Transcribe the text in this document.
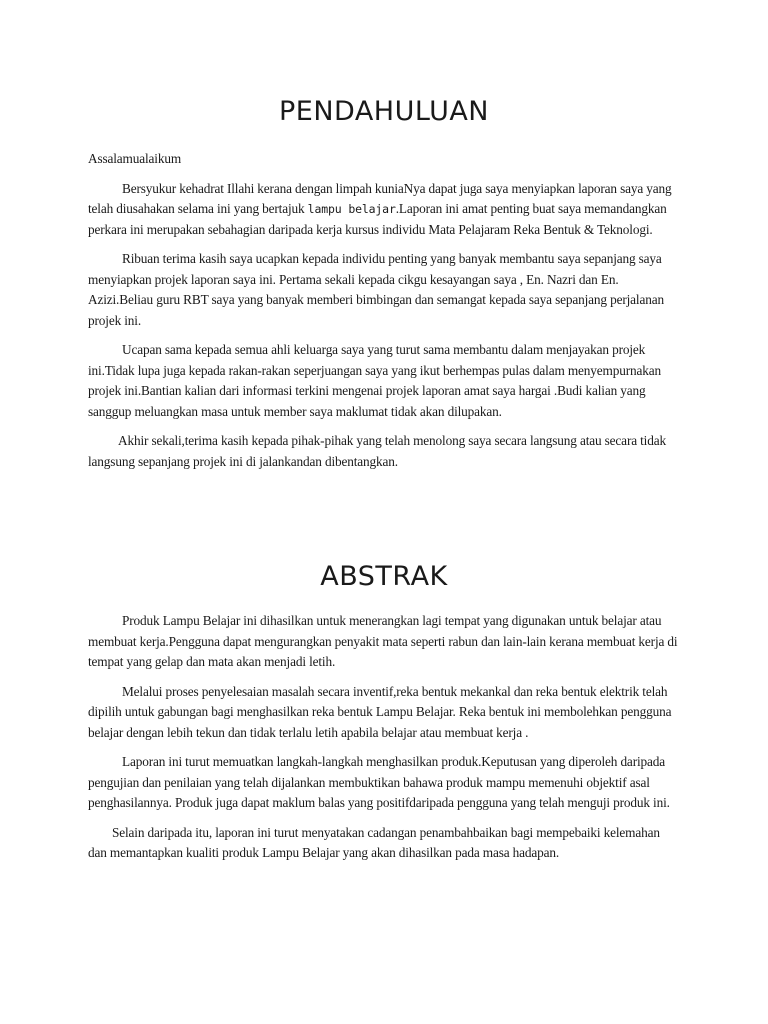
PENDAHULUAN

Assalamualaikum

Bersyukur kehadrat Illahi kerana dengan limpah kuniaNya dapat juga saya menyiapkan laporan saya yang telah diusahakan selama ini yang bertajuk lampu belajar.Laporan ini amat penting buat saya memandangkan perkara ini merupakan sebahagian daripada kerja kursus individu Mata Pelajaram Reka Bentuk & Teknologi.

Ribuan terima kasih saya ucapkan kepada individu penting yang banyak membantu saya sepanjang saya menyiapkan projek laporan saya ini. Pertama sekali kepada cikgu kesayangan saya , En. Nazri dan En. Azizi.Beliau guru RBT saya yang banyak memberi bimbingan dan semangat kepada saya sepanjang perjalanan projek ini.

Ucapan sama kepada semua ahli keluarga saya yang turut sama membantu dalam menjayakan projek ini.Tidak lupa juga kepada rakan-rakan seperjuangan saya yang ikut berhempas pulas dalam menyempurnakan projek ini.Bantian kalian dari informasi terkini mengenai projek laporan amat saya hargai .Budi kalian yang sanggup meluangkan masa untuk member saya maklumat tidak akan dilupakan.

Akhir sekali,terima kasih kepada pihak-pihak yang telah menolong saya secara langsung atau secara tidak langsung sepanjang projek ini di jalankandan dibentangkan.

ABSTRAK

Produk Lampu Belajar ini dihasilkan untuk menerangkan lagi tempat yang digunakan untuk belajar atau membuat kerja.Pengguna dapat mengurangkan penyakit mata seperti rabun dan lain-lain kerana membuat kerja di tempat yang gelap dan mata akan menjadi letih.

Melalui proses penyelesaian masalah secara inventif,reka bentuk mekankal dan reka bentuk elektrik telah dipilih untuk gabungan bagi menghasilkan reka bentuk Lampu Belajar. Reka bentuk ini membolehkan pengguna belajar dengan lebih tekun dan tidak terlalu letih apabila belajar atau membuat kerja .

Laporan ini turut memuatkan langkah-langkah menghasilkan produk.Keputusan yang diperoleh daripada pengujian dan penilaian yang telah dijalankan membuktikan bahawa produk mampu memenuhi objektif asal penghasilannya. Produk juga dapat maklum balas yang positifdaripada pengguna yang telah menguji produk ini.

Selain daripada itu, laporan ini turut menyatakan cadangan penambahbaikan bagi mempebaiki kelemahan dan memantapkan kualiti produk Lampu Belajar yang akan dihasilkan pada masa hadapan.
